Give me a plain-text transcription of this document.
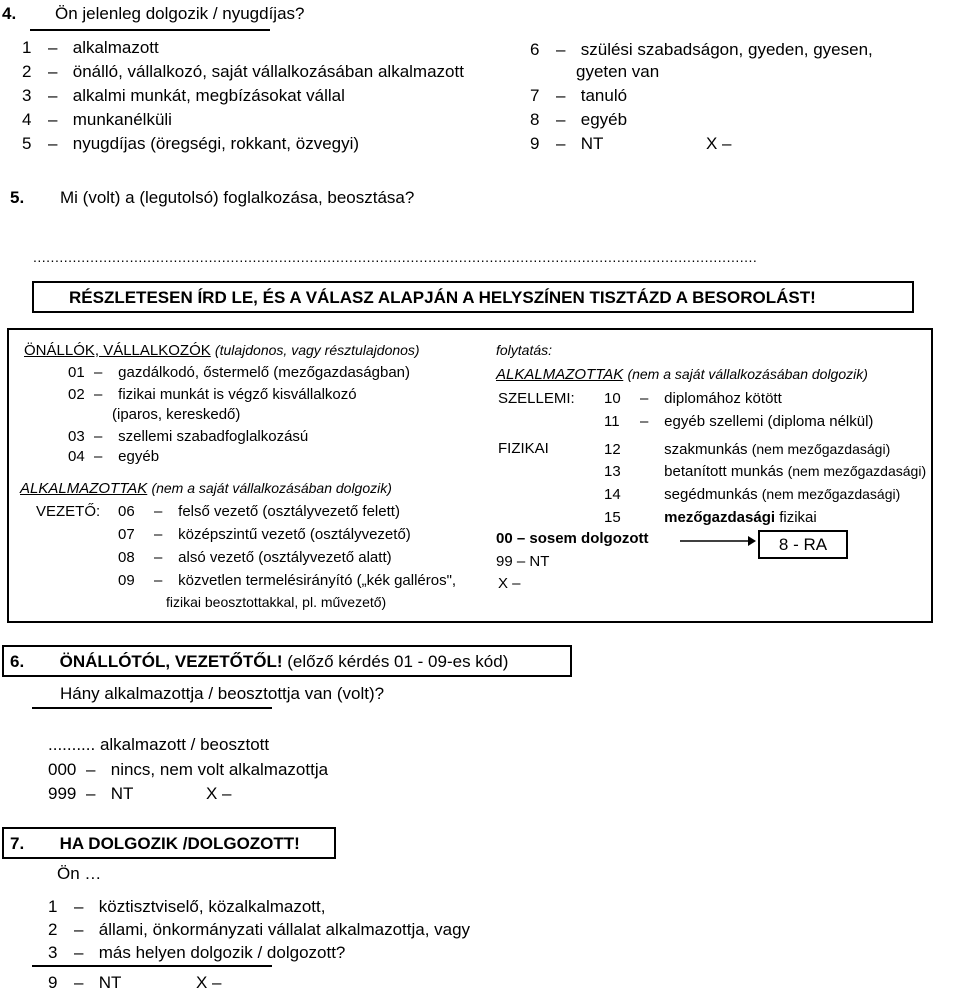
4. Ön jelenleg dolgozik / nyugdíjas?
1 – alkalmazott
2 – önálló, vállalkozó, saját vállalkozásában alkalmazott
3 – alkalmi munkát, megbízásokat vállal
4 – munkanélküli
5 – nyugdíjas (öregségi, rokkant, özvegyi)
6 – szülési szabadságon, gyeden, gyesen,
gyeten van
7 – tanuló
8 – egyéb
9 – NT	X –
5. Mi (volt) a (legutolsó) foglalkozása, beosztása?
.....................................................................................................................................................................
RÉSZLETESEN ÍRD LE, ÉS A VÁLASZ ALAPJÁN A HELYSZÍNEN TISZTÁZD A BESOROLÁST!
ÖNÁLLÓK, VÁLLALKOZÓK (tulajdonos, vagy résztulajdonos)
01 – gazdálkodó, őstermelő (mezőgazdaságban)
02 – fizikai munkát is végző kisvállalkozó
(iparos, kereskedő)
03 – szellemi szabadfoglalkozású
04 – egyéb
ALKALMAZOTTAK (nem a saját vállalkozásában dolgozik)
VEZETŐ: 06 – felső vezető (osztályvezető felett)
07 – középszintű vezető (osztályvezető)
08 – alsó vezető (osztályvezető alatt)
09 – közvetlen termelésirányító („kék galléros",
fizikai beosztottakkal, pl. művezető)
folytatás:
ALKALMAZOTTAK (nem a saját vállalkozásában dolgozik)
SZELLEMI: 10 – diplomához kötött
11 – egyéb szellemi (diploma nélkül)
FIZIKAI	12	szakmunkás (nem mezőgazdasági)
13	betanított munkás (nem mezőgazdasági)
14	segédmunkás (nem mezőgazdasági)
15	mezőgazdasági fizikai
00 – sosem dolgozott	8 - RA
99 – NT
X –
6. ÖNÁLLÓTÓL, VEZETŐTŐL! (előző kérdés 01 - 09-es kód)
Hány alkalmazottja / beosztottja van (volt)?
.......... alkalmazott / beosztott
000 – nincs, nem volt alkalmazottja
999 – NT	X –
7. HA DOLGOZIK /DOLGOZOTT!
Ön …
1 – köztisztviselő, közalkalmazott,
2 – állami, önkormányzati vállalat alkalmazottja, vagy
3 – más helyen dolgozik / dolgozott?
9 – NT	X –
